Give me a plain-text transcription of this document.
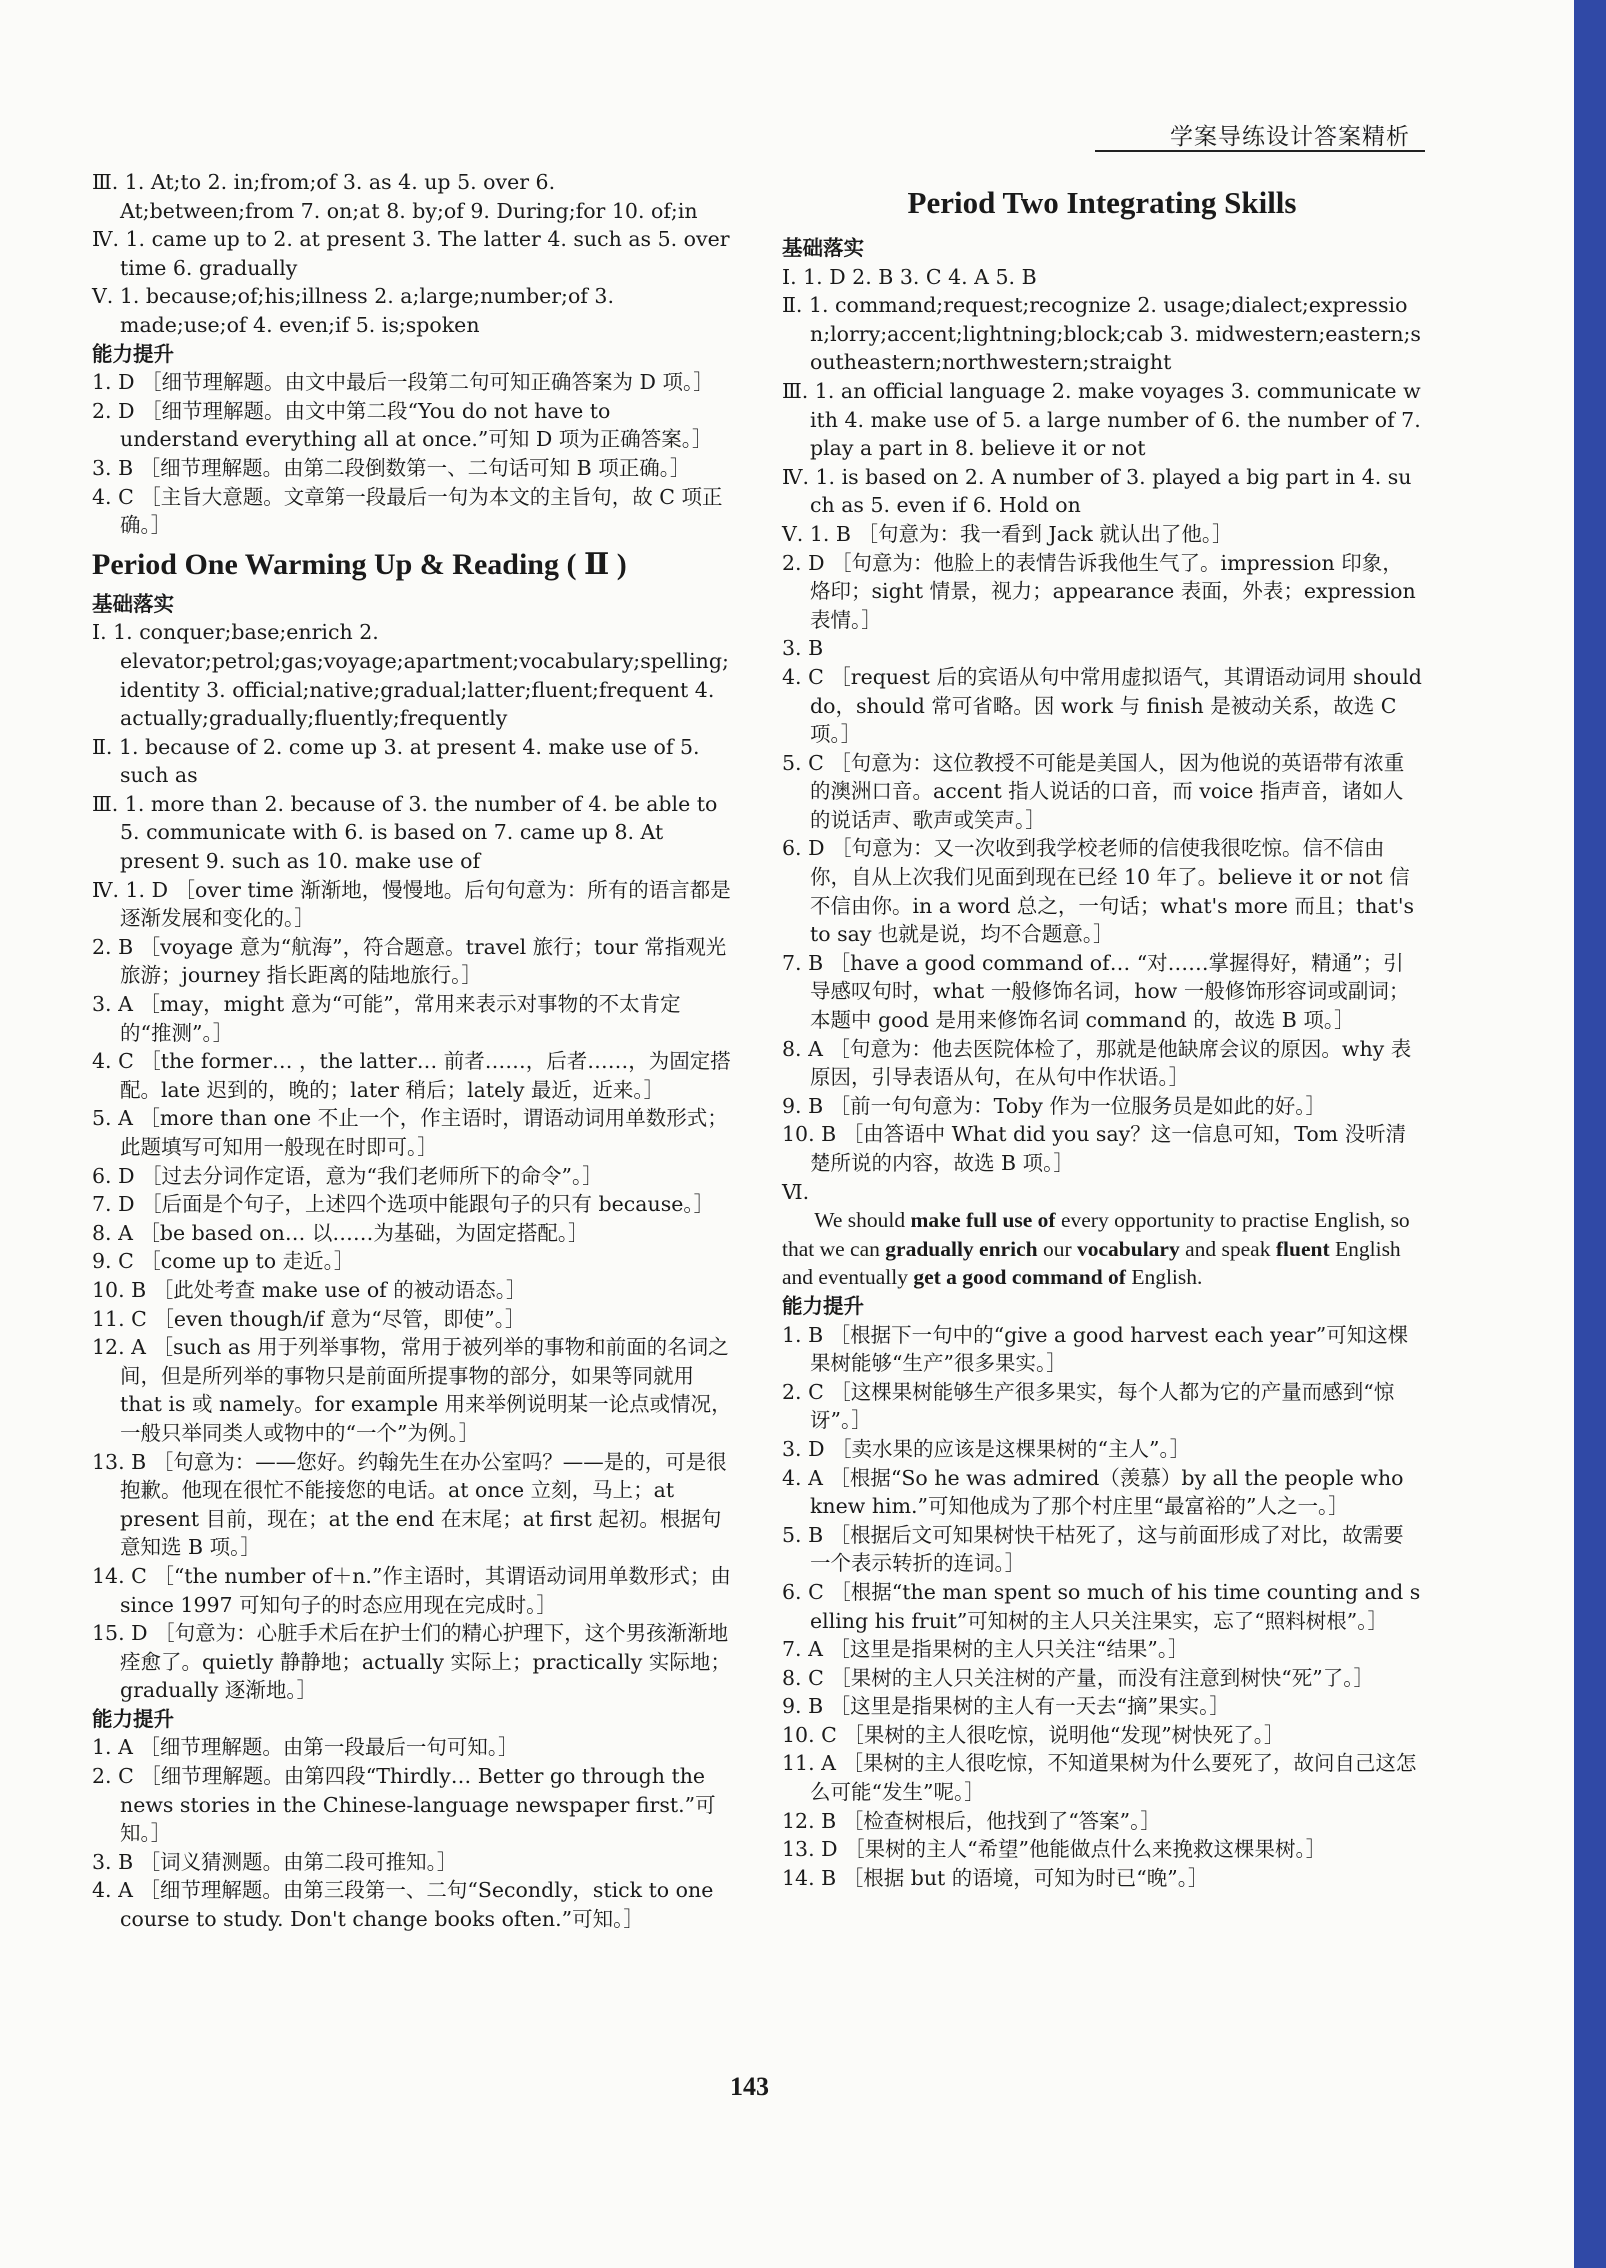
学案导练设计答案精析
Ⅲ. 1. At;to 2. in;from;of 3. as 4. up 5. over 6. At;between;from 7. on;at 8. by;of 9. During;for 10. of;in
Ⅳ. 1. came up to 2. at present 3. The latter 4. such as 5. over time 6. gradually
Ⅴ. 1. because;of;his;illness 2. a;large;number;of 3. made;use;of 4. even;if 5. is;spoken
能力提升
1. D ［细节理解题。由文中最后一段第二句可知正确答案为 D 项。］
2. D ［细节理解题。由文中第二段“You do not have to understand everything all at once.”可知 D 项为正确答案。］
3. B ［细节理解题。由第二段倒数第一、二句话可知 B 项正确。］
4. C ［主旨大意题。文章第一段最后一句为本文的主旨句，故 C 项正确。］
Period One Warming Up & Reading ( Ⅱ )
基础落实
Ⅰ. 1. conquer;base;enrich 2. elevator;petrol;gas;voyage;apartment;vocabulary;spelling;identity 3. official;native;gradual;latter;fluent;frequent 4. actually;gradually;fluently;frequently
Ⅱ. 1. because of 2. come up 3. at present 4. make use of 5. such as
Ⅲ. 1. more than 2. because of 3. the number of 4. be able to 5. communicate with 6. is based on 7. came up 8. At present 9. such as 10. make use of
Ⅳ. 1. D ［over time 渐渐地，慢慢地。后句句意为：所有的语言都是逐渐发展和变化的。］
2. B ［voyage 意为“航海”，符合题意。travel 旅行；tour 常指观光旅游；journey 指长距离的陆地旅行。］
3. A ［may，might 意为“可能”，常用来表示对事物的不太肯定的“推测”。］
4. C ［the former… ，the latter… 前者……，后者……，为固定搭配。late 迟到的，晚的；later 稍后；lately 最近，近来。］
5. A ［more than one 不止一个，作主语时，谓语动词用单数形式；此题填写可知用一般现在时即可。］
6. D ［过去分词作定语，意为“我们老师所下的命令”。］
7. D ［后面是个句子，上述四个选项中能跟句子的只有 because。］
8. A ［be based on… 以……为基础，为固定搭配。］
9. C ［come up to 走近。］
10. B ［此处考查 make use of 的被动语态。］
11. C ［even though/if 意为“尽管，即使”。］
12. A ［such as 用于列举事物，常用于被列举的事物和前面的名词之间，但是所列举的事物只是前面所提事物的部分，如果等同就用 that is 或 namely。for example 用来举例说明某一论点或情况，一般只举同类人或物中的“一个”为例。］
13. B ［句意为：——您好。约翰先生在办公室吗？——是的，可是很抱歉。他现在很忙不能接您的电话。at once 立刻，马上；at present 目前，现在；at the end 在末尾；at first 起初。根据句意知选 B 项。］
14. C ［“the number of＋n.”作主语时，其谓语动词用单数形式；由 since 1997 可知句子的时态应用现在完成时。］
15. D ［句意为：心脏手术后在护士们的精心护理下，这个男孩渐渐地痊愈了。quietly 静静地；actually 实际上；practically 实际地；gradually 逐渐地。］
能力提升
1. A ［细节理解题。由第一段最后一句可知。］
2. C ［细节理解题。由第四段“Thirdly… Better go through the news stories in the Chinese-language newspaper first.”可知。］
3. B ［词义猜测题。由第二段可推知。］
4. A ［细节理解题。由第三段第一、二句“Secondly，stick to one course to study. Don't change books often.”可知。］
Period Two Integrating Skills
基础落实
Ⅰ. 1. D 2. B 3. C 4. A 5. B
Ⅱ. 1. command;request;recognize 2. usage;dialect;expression;lorry;accent;lightning;block;cab 3. midwestern;eastern;southeastern;northwestern;straight
Ⅲ. 1. an official language 2. make voyages 3. communicate with 4. make use of 5. a large number of 6. the number of 7. play a part in 8. believe it or not
Ⅳ. 1. is based on 2. A number of 3. played a big part in 4. such as 5. even if 6. Hold on
Ⅴ. 1. B ［句意为：我一看到 Jack 就认出了他。］
2. D ［句意为：他脸上的表情告诉我他生气了。impression 印象，烙印；sight 情景，视力；appearance 表面，外表；expression 表情。］
3. B
4. C ［request 后的宾语从句中常用虚拟语气，其谓语动词用 should do，should 常可省略。因 work 与 finish 是被动关系，故选 C 项。］
5. C ［句意为：这位教授不可能是美国人，因为他说的英语带有浓重的澳洲口音。accent 指人说话的口音，而 voice 指声音，诸如人的说话声、歌声或笑声。］
6. D ［句意为：又一次收到我学校老师的信使我很吃惊。信不信由你，自从上次我们见面到现在已经 10 年了。believe it or not 信不信由你。in a word 总之，一句话；what's more 而且；that's to say 也就是说，均不合题意。］
7. B ［have a good command of… “对……掌握得好，精通”；引导感叹句时，what 一般修饰名词，how 一般修饰形容词或副词；本题中 good 是用来修饰名词 command 的，故选 B 项。］
8. A ［句意为：他去医院体检了，那就是他缺席会议的原因。why 表原因，引导表语从句，在从句中作状语。］
9. B ［前一句句意为：Toby 作为一位服务员是如此的好。］
10. B ［由答语中 What did you say？这一信息可知，Tom 没听清楚所说的内容，故选 B 项。］
Ⅵ.
We should make full use of every opportunity to practise English, so that we can gradually enrich our vocabulary and speak fluent English and eventually get a good command of English.
能力提升
1. B ［根据下一句中的“give a good harvest each year”可知这棵果树能够“生产”很多果实。］
2. C ［这棵果树能够生产很多果实，每个人都为它的产量而感到“惊讶”。］
3. D ［卖水果的应该是这棵果树的“主人”。］
4. A ［根据“So he was admired（羡慕）by all the people who knew him.”可知他成为了那个村庄里“最富裕的”人之一。］
5. B ［根据后文可知果树快干枯死了，这与前面形成了对比，故需要一个表示转折的连词。］
6. C ［根据“the man spent so much of his time counting and selling his fruit”可知树的主人只关注果实，忘了“照料树根”。］
7. A ［这里是指果树的主人只关注“结果”。］
8. C ［果树的主人只关注树的产量，而没有注意到树快“死”了。］
9. B ［这里是指果树的主人有一天去“摘”果实。］
10. C ［果树的主人很吃惊，说明他“发现”树快死了。］
11. A ［果树的主人很吃惊，不知道果树为什么要死了，故问自己这怎么可能“发生”呢。］
12. B ［检查树根后，他找到了“答案”。］
13. D ［果树的主人“希望”他能做点什么来挽救这棵果树。］
14. B ［根据 but 的语境，可知为时已“晚”。］
143
